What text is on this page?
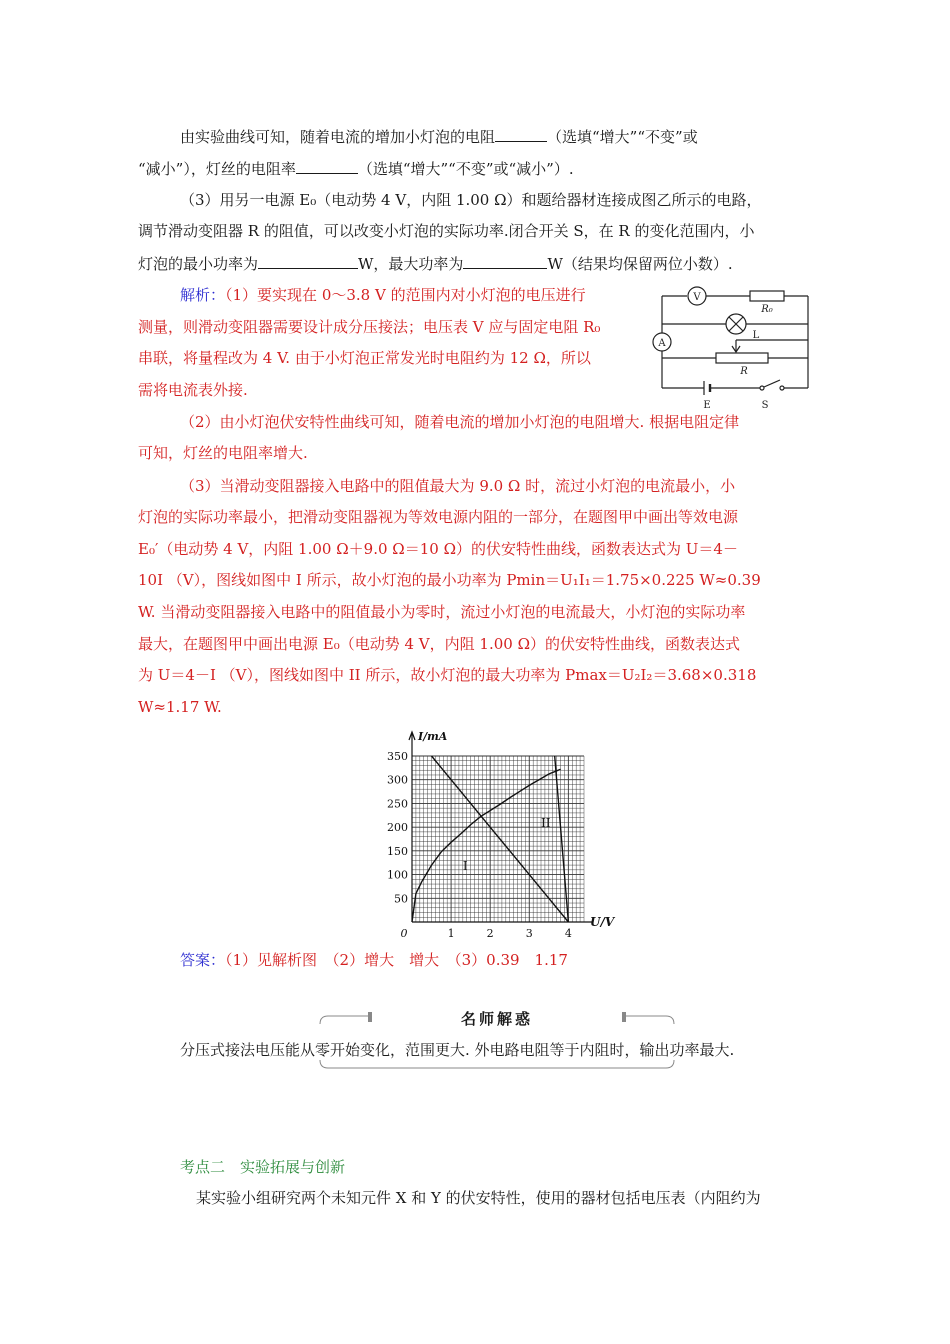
由实验曲线可知，随着电流的增加小灯泡的电阻	（选填“增大”“不变”或
“减小”），灯丝的电阻率	（选填“增大”“不变”或“减小”）.
（3）用另一电源 E₀（电动势 4 V，内阻 1.00 Ω）和题给器材连接成图乙所示的电路，
调节滑动变阻器 R 的阻值，可以改变小灯泡的实际功率.闭合开关 S，在 R 的变化范围内，小
灯泡的最小功率为	W，最大功率为	W（结果均保留两位小数）.
解析：（1）要实现在 0～3.8 V 的范围内对小灯泡的电压进行
测量，则滑动变阻器需要设计成分压接法；电压表 V 应与固定电阻 R₀
串联，将量程改为 4 V. 由于小灯泡正常发光时电阻约为 12 Ω，所以
需将电流表外接.
V
R₀
L
A
R
E	S
（2）由小灯泡伏安特性曲线可知，随着电流的增加小灯泡的电阻增大. 根据电阻定律
可知，灯丝的电阻率增大.
（3）当滑动变阻器接入电路中的阻值最大为 9.0 Ω 时，流过小灯泡的电流最小，小
灯泡的实际功率最小，把滑动变阻器视为等效电源内阻的一部分，在题图甲中画出等效电源
E₀′（电动势 4 V，内阻 1.00 Ω＋9.0 Ω＝10 Ω）的伏安特性曲线，函数表达式为 U＝4－
10I （V），图线如图中 I 所示，故小灯泡的最小功率为 Pmin＝U₁I₁＝1.75×0.225 W≈0.39
W. 当滑动变阻器接入电路中的阻值最小为零时，流过小灯泡的电流最大，小灯泡的实际功率
最大，在题图甲中画出电源 E₀（电动势 4 V，内阻 1.00 Ω）的伏安特性曲线，函数表达式
为 U＝4－I （V），图线如图中 II 所示，故小灯泡的最大功率为 Pmax＝U₂I₂＝3.68×0.318
W≈1.17 W.
I
II
50
100
150
200
250
300
350
0	1	2	3	4
I/mA
U/V
答案：（1）见解析图　（2）增大　增大　（3）0.39　1.17
名师解惑
分压式接法电压能从零开始变化，范围更大. 外电路电阻等于内阻时，输出功率最大.
考点二　实验拓展与创新
某实验小组研究两个未知元件 X 和 Y 的伏安特性，使用的器材包括电压表（内阻约为
